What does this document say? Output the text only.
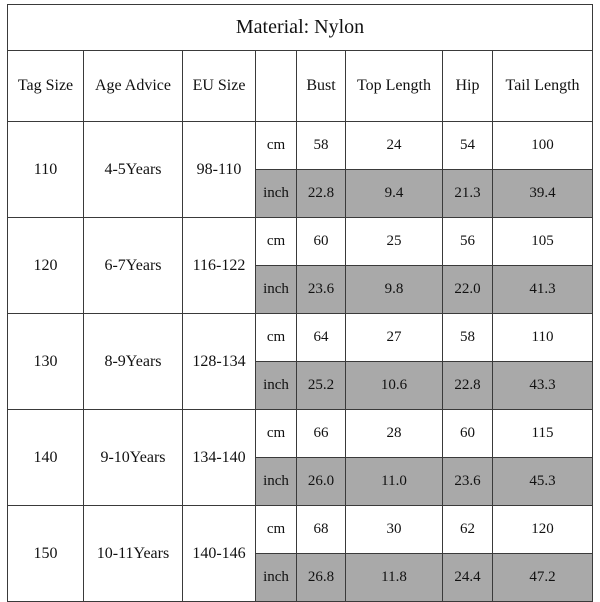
Material: Nylon							
Tag Size	Age Advice	EU Size		Bust	Top Length	Hip	Tail Length
110	4-5Years	98-110	cm	58	24	54	100
			inch	22.8	9.4	21.3	39.4
120	6-7Years	116-122	cm	60	25	56	105
			inch	23.6	9.8	22.0	41.3
130	8-9Years	128-134	cm	64	27	58	110
			inch	25.2	10.6	22.8	43.3
140	9-10Years	134-140	cm	66	28	60	115
			inch	26.0	11.0	23.6	45.3
150	10-11Years	140-146	cm	68	30	62	120
			inch	26.8	11.8	24.4	47.2
